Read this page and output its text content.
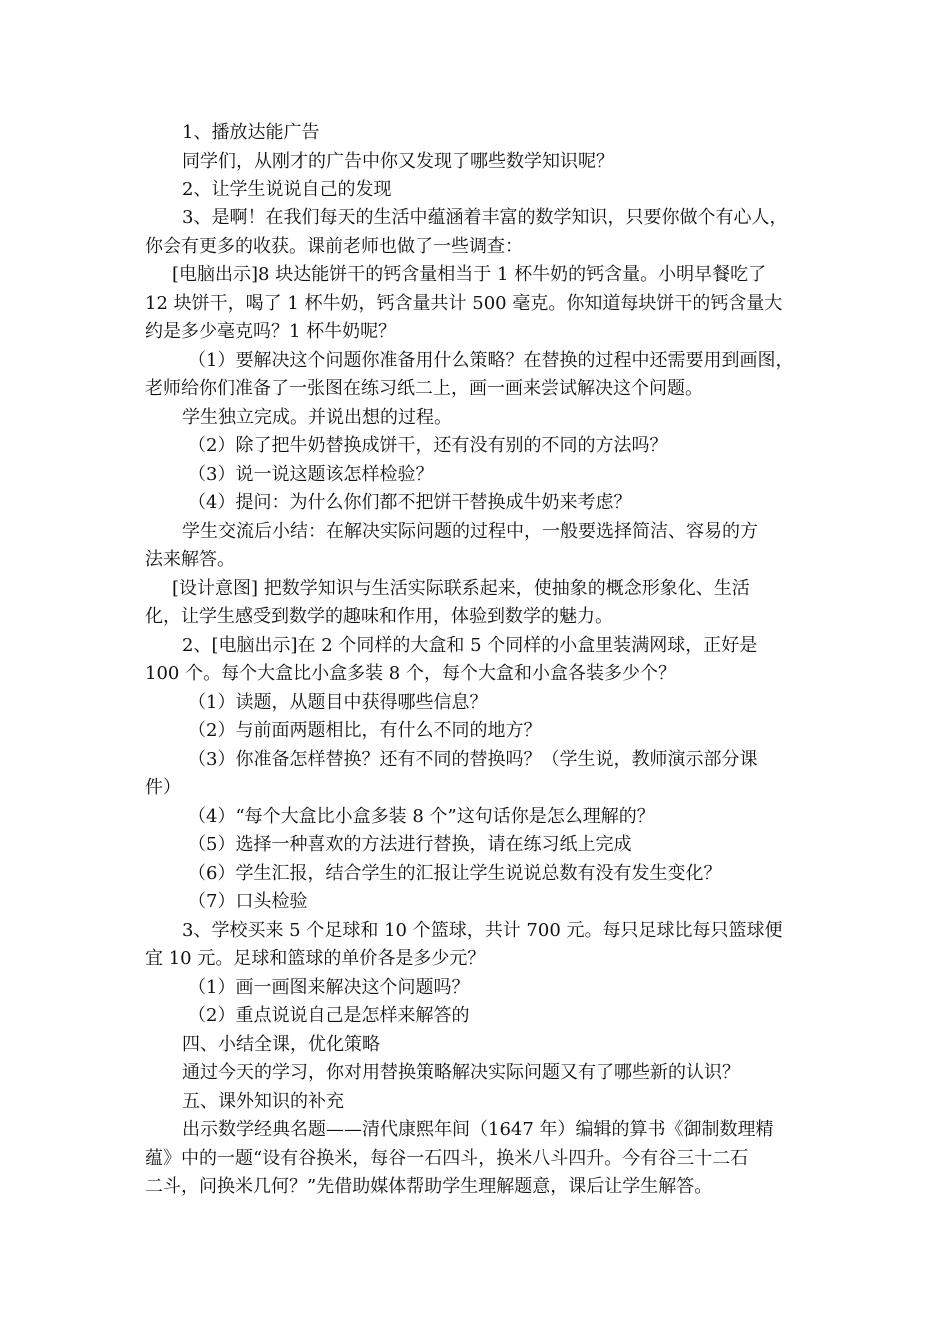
1、播放达能广告
同学们，从刚才的广告中你又发现了哪些数学知识呢？
2、让学生说说自己的发现
3、是啊！在我们每天的生活中蕴涵着丰富的数学知识，只要你做个有心人，
你会有更多的收获。课前老师也做了一些调查：
[电脑出示]8 块达能饼干的钙含量相当于 1 杯牛奶的钙含量。小明早餐吃了
12 块饼干，喝了 1 杯牛奶，钙含量共计 500 毫克。你知道每块饼干的钙含量大
约是多少毫克吗？1 杯牛奶呢？
（1）要解决这个问题你准备用什么策略？在替换的过程中还需要用到画图，
老师给你们准备了一张图在练习纸二上，画一画来尝试解决这个问题。
学生独立完成。并说出想的过程。
（2）除了把牛奶替换成饼干，还有没有别的不同的方法吗？
（3）说一说这题该怎样检验？
（4）提问：为什么你们都不把饼干替换成牛奶来考虑？
学生交流后小结：在解决实际问题的过程中，一般要选择简洁、容易的方
法来解答。
[设计意图] 把数学知识与生活实际联系起来，使抽象的概念形象化、生活
化，让学生感受到数学的趣味和作用，体验到数学的魅力。
2、[电脑出示]在 2 个同样的大盒和 5 个同样的小盒里装满网球，正好是
100 个。每个大盒比小盒多装 8 个，每个大盒和小盒各装多少个？
（1）读题，从题目中获得哪些信息？
（2）与前面两题相比，有什么不同的地方？
（3）你准备怎样替换？还有不同的替换吗？（学生说，教师演示部分课
件）
（4）“每个大盒比小盒多装 8 个”这句话你是怎么理解的？
（5）选择一种喜欢的方法进行替换，请在练习纸上完成
（6）学生汇报，结合学生的汇报让学生说说总数有没有发生变化？
（7）口头检验
3、学校买来 5 个足球和 10 个篮球，共计 700 元。每只足球比每只篮球便
宜 10 元。足球和篮球的单价各是多少元？
（1）画一画图来解决这个问题吗？
（2）重点说说自己是怎样来解答的
四、小结全课，优化策略
通过今天的学习，你对用替换策略解决实际问题又有了哪些新的认识？
五、课外知识的补充
出示数学经典名题——清代康熙年间（1647 年）编辑的算书《御制数理精
蕴》中的一题“设有谷换米，每谷一石四斗，换米八斗四升。今有谷三十二石
二斗，问换米几何？”先借助媒体帮助学生理解题意，课后让学生解答。
